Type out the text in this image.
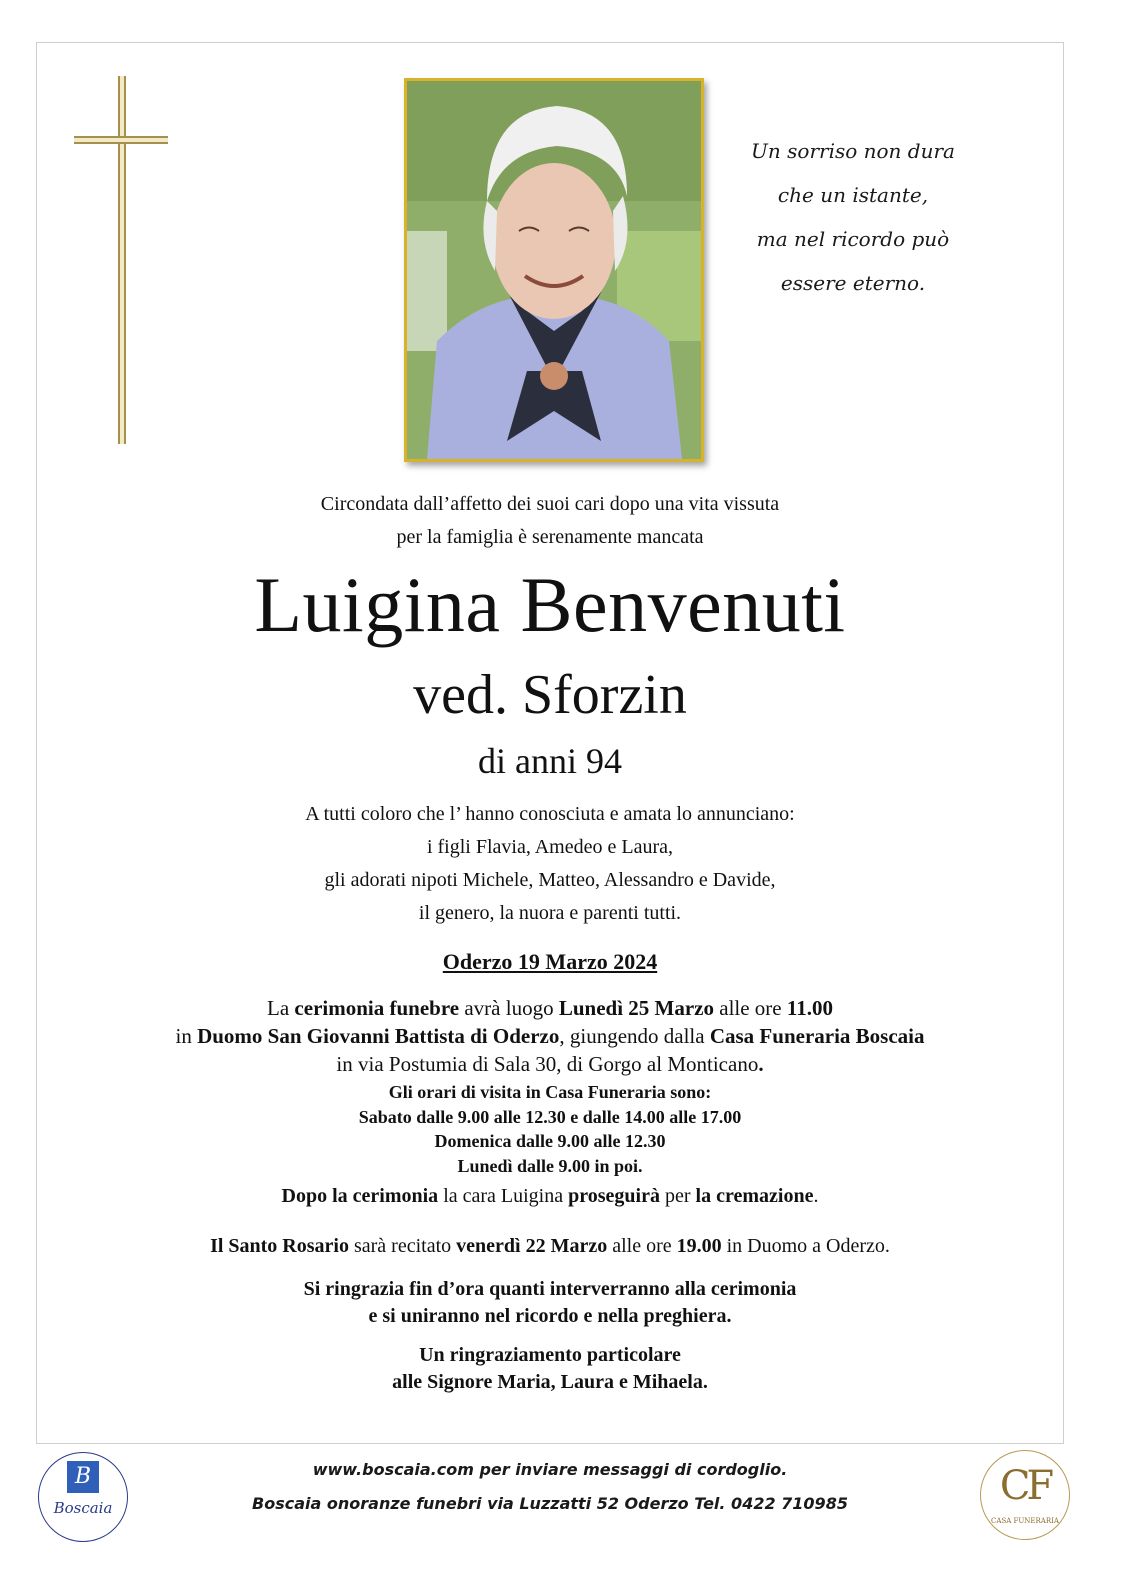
Un sorriso non dura
che un istante,
ma nel ricordo può
essere eterno.
Circondata dall’affetto dei suoi cari dopo una vita vissuta
per la famiglia è serenamente mancata
Luigina Benvenuti
ved. Sforzin
di anni 94
A tutti coloro che l’ hanno conosciuta e amata lo annunciano:
i figli Flavia, Amedeo e Laura,
gli adorati nipoti Michele, Matteo, Alessandro e Davide,
il genero, la nuora e parenti tutti.
Oderzo 19 Marzo 2024
La cerimonia funebre avrà luogo Lunedì 25 Marzo alle ore 11.00
in Duomo San Giovanni Battista di Oderzo, giungendo dalla Casa Funeraria Boscaia
in via Postumia di Sala 30, di Gorgo al Monticano.
Gli orari di visita in Casa Funeraria sono:
Sabato dalle 9.00 alle 12.30 e dalle 14.00 alle 17.00
Domenica dalle 9.00 alle 12.30
Lunedì dalle 9.00 in poi.
Dopo la cerimonia la cara Luigina proseguirà per la cremazione.
Il Santo Rosario sarà recitato venerdì 22 Marzo alle ore 19.00 in Duomo a Oderzo.
Si ringrazia fin d’ora quanti interverranno alla cerimonia
e si uniranno nel ricordo e nella preghiera.
Un ringraziamento particolare
alle Signore Maria, Laura e Mihaela.
B
Boscaia
www.boscaia.com per inviare messaggi di cordoglio.
Boscaia onoranze funebri via Luzzatti 52 Oderzo Tel. 0422 710985	CF
CASA FUNERARIA
